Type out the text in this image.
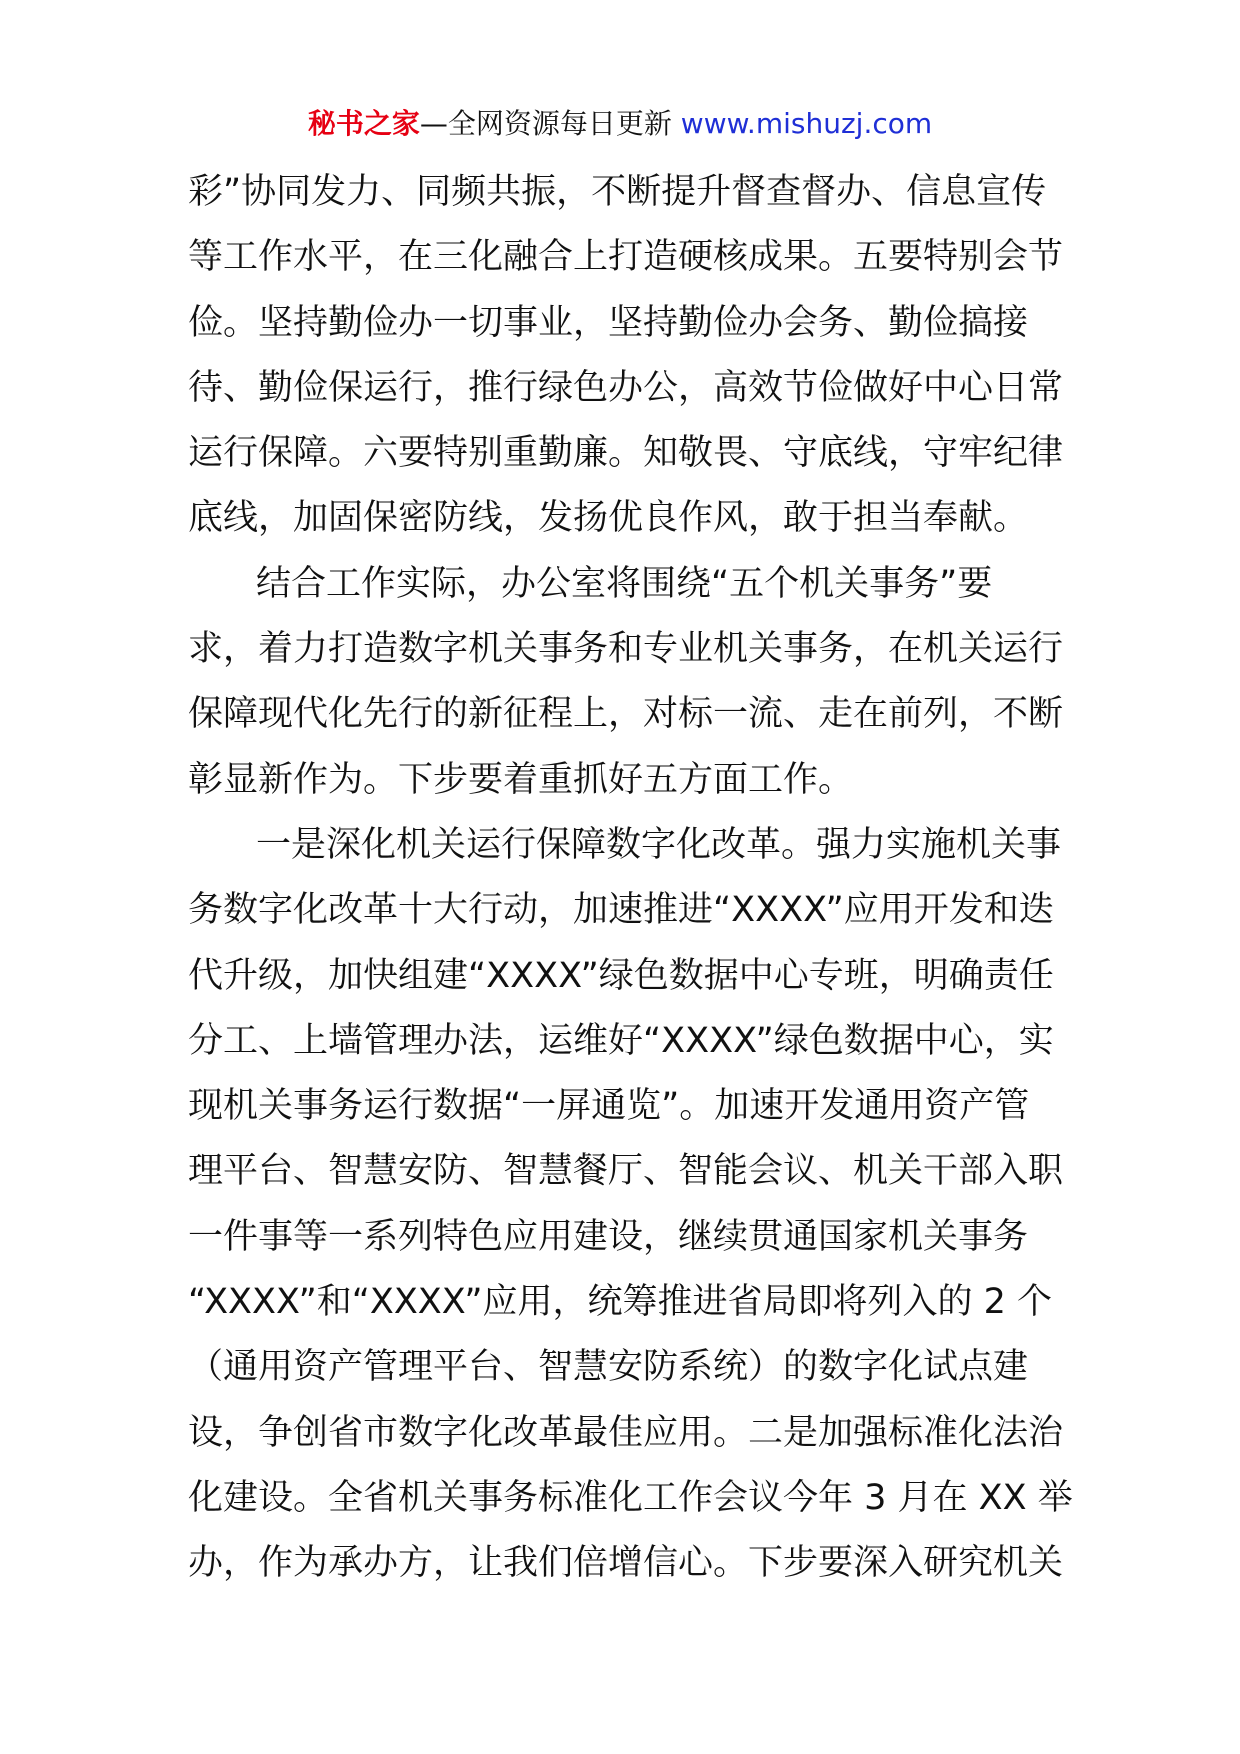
秘书之家—全网资源每日更新 www.mishuzj.com
彩”协同发力、同频共振，不断提升督查督办、信息宣传
等工作水平，在三化融合上打造硬核成果。五要特别会节
俭。坚持勤俭办一切事业，坚持勤俭办会务、勤俭搞接
待、勤俭保运行，推行绿色办公，高效节俭做好中心日常
运行保障。六要特别重勤廉。知敬畏、守底线，守牢纪律
底线，加固保密防线，发扬优良作风，敢于担当奉献。
结合工作实际，办公室将围绕“五个机关事务”要
求，着力打造数字机关事务和专业机关事务，在机关运行
保障现代化先行的新征程上，对标一流、走在前列，不断
彰显新作为。下步要着重抓好五方面工作。
一是深化机关运行保障数字化改革。强力实施机关事
务数字化改革十大行动，加速推进“XXXX”应用开发和迭
代升级，加快组建“XXXX”绿色数据中心专班，明确责任
分工、上墙管理办法，运维好“XXXX”绿色数据中心，实
现机关事务运行数据“一屏通览”。加速开发通用资产管
理平台、智慧安防、智慧餐厅、智能会议、机关干部入职
一件事等一系列特色应用建设，继续贯通国家机关事务
“XXXX”和“XXXX”应用，统筹推进省局即将列入的 2 个
（通用资产管理平台、智慧安防系统）的数字化试点建
设，争创省市数字化改革最佳应用。二是加强标准化法治
化建设。全省机关事务标准化工作会议今年 3 月在 XX 举
办，作为承办方，让我们倍增信心。下步要深入研究机关
